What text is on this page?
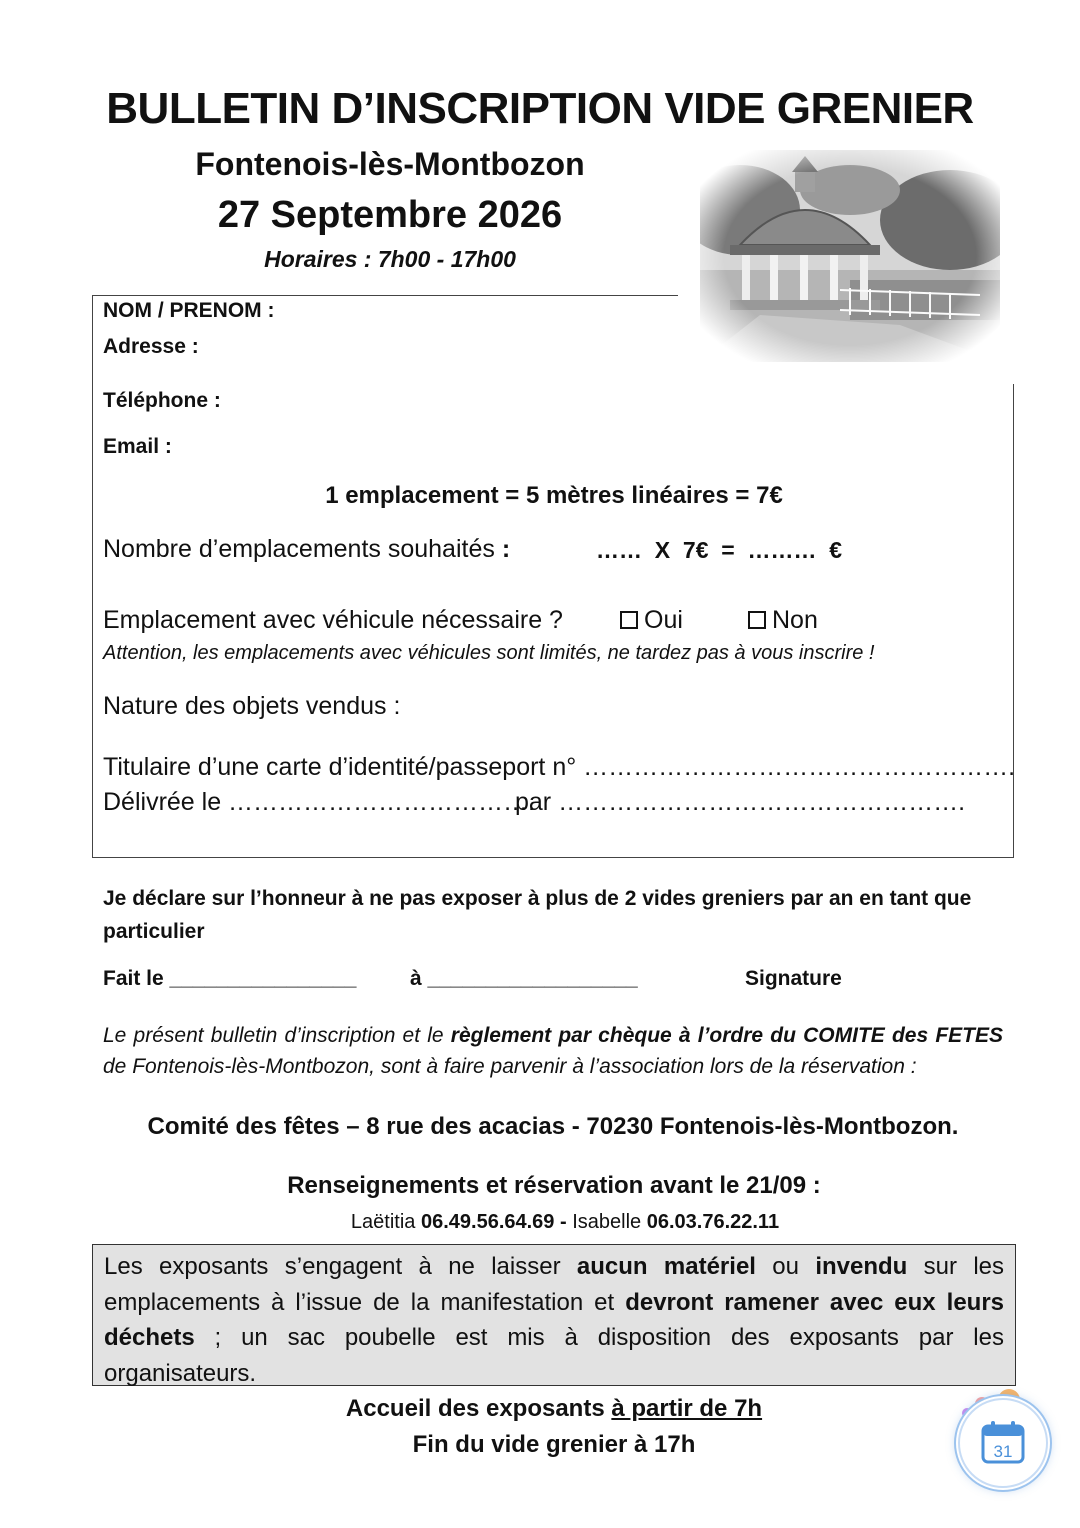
BULLETIN D’INSCRIPTION VIDE GRENIER
Fontenois-lès-Montbozon
27 Septembre 2026
Horaires : 7h00 - 17h00
NOM / PRENOM :
Adresse :
Téléphone :
Email :
1 emplacement = 5 mètres linéaires = 7€
Nombre d’emplacements souhaités :	……  X  7€  =  ………  €
Emplacement avec véhicule nécessaire ?	Oui	Non
Attention, les emplacements avec véhicules sont limités, ne tardez pas à vous inscrire !
Nature des objets vendus :
Titulaire d’une carte d’identité/passeport n° …………………………………………….
Délivrée le ……………………………….
par ………………………………………….
Je déclare sur l’honneur à ne pas exposer à plus de 2 vides greniers par an en tant que particulier
Fait le ________________	à __________________	Signature
Le présent bulletin d’inscription et le règlement par chèque à l’ordre du COMITE des FETES de Fontenois-lès-Montbozon, sont à faire parvenir à l’association lors de la réservation :
Comité des fêtes – 8 rue des acacias - 70230 Fontenois-lès-Montbozon.
Renseignements et réservation avant le 21/09 :
Laëtitia 06.49.56.64.69 - Isabelle 06.03.76.22.11
Les exposants s’engagent à ne laisser aucun matériel ou invendu sur les emplacements à l’issue de la manifestation et devront ramener avec eux leurs déchets ; un sac poubelle est mis à disposition des exposants par les organisateurs.
Accueil des exposants à partir de 7h
Fin du vide grenier à 17h	31
